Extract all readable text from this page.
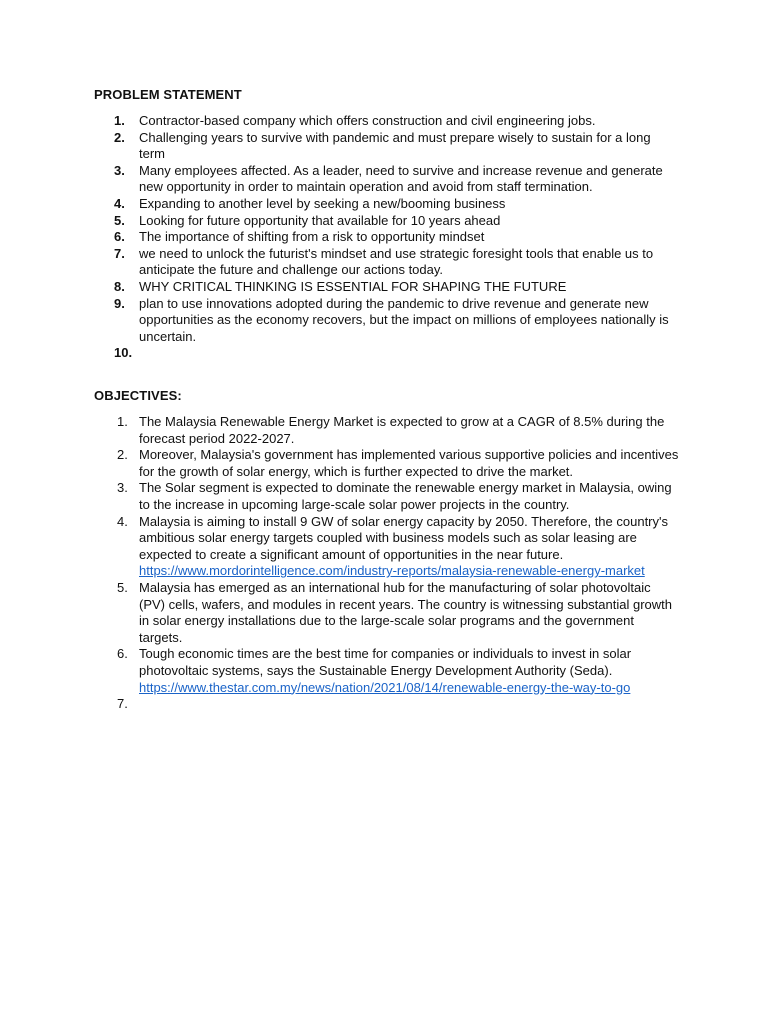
PROBLEM STATEMENT
1.	Contractor-based company which offers construction and civil engineering jobs.
2.	Challenging years to survive with pandemic and must prepare wisely to sustain for a long term
3.	Many employees affected. As a leader, need to survive and increase revenue and generate new opportunity in order to maintain operation and avoid from staff termination.
4.	Expanding to another level by seeking a new/booming business
5.	Looking for future opportunity that available for 10 years ahead
6.	The importance of shifting from a risk to opportunity mindset
7.	we need to unlock the futurist's mindset and use strategic foresight tools that enable us to anticipate the future and challenge our actions today.
8.	WHY CRITICAL THINKING IS ESSENTIAL FOR SHAPING THE FUTURE
9.	plan to use innovations adopted during the pandemic to drive revenue and generate new opportunities as the economy recovers, but the impact on millions of employees nationally is uncertain.
10.

OBJECTIVES:
1. The Malaysia Renewable Energy Market is expected to grow at a CAGR of 8.5% during the forecast period 2022-2027.
2. Moreover, Malaysia's government has implemented various supportive policies and incentives for the growth of solar energy, which is further expected to drive the market.
3. The Solar segment is expected to dominate the renewable energy market in Malaysia, owing to the increase in upcoming large-scale solar power projects in the country.
4. Malaysia is aiming to install 9 GW of solar energy capacity by 2050. Therefore, the country's ambitious solar energy targets coupled with business models such as solar leasing are expected to create a significant amount of opportunities in the near future. https://www.mordorintelligence.com/industry-reports/malaysia-renewable-energy-market
5. Malaysia has emerged as an international hub for the manufacturing of solar photovoltaic (PV) cells, wafers, and modules in recent years. The country is witnessing substantial growth in solar energy installations due to the large-scale solar programs and the government targets.
6. Tough economic times are the best time for companies or individuals to invest in solar photovoltaic systems, says the Sustainable Energy Development Authority (Seda). https://www.thestar.com.my/news/nation/2021/08/14/renewable-energy-the-way-to-go
7.
